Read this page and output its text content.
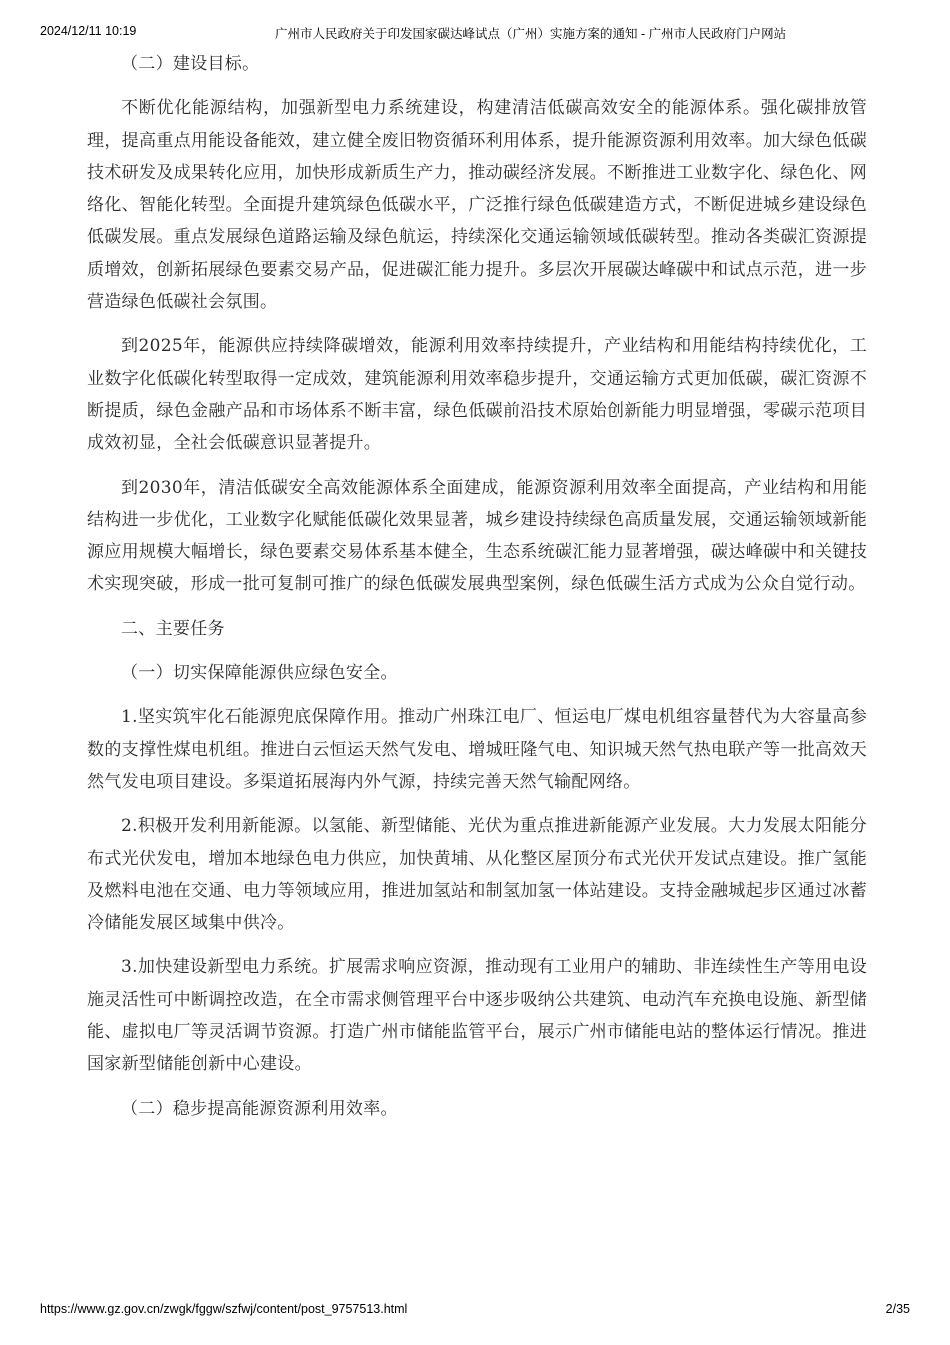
2024/12/11 10:19	广州市人民政府关于印发国家碳达峰试点（广州）实施方案的通知 - 广州市人民政府门户网站

（二）建设目标。

不断优化能源结构，加强新型电力系统建设，构建清洁低碳高效安全的能源体系。强化碳排放管理，提高重点用能设备能效，建立健全废旧物资循环利用体系，提升能源资源利用效率。加大绿色低碳技术研发及成果转化应用，加快形成新质生产力，推动碳经济发展。不断推进工业数字化、绿色化、网络化、智能化转型。全面提升建筑绿色低碳水平，广泛推行绿色低碳建造方式，不断促进城乡建设绿色低碳发展。重点发展绿色道路运输及绿色航运，持续深化交通运输领域低碳转型。推动各类碳汇资源提质增效，创新拓展绿色要素交易产品，促进碳汇能力提升。多层次开展碳达峰碳中和试点示范，进一步营造绿色低碳社会氛围。

到2025年，能源供应持续降碳增效，能源利用效率持续提升，产业结构和用能结构持续优化，工业数字化低碳化转型取得一定成效，建筑能源利用效率稳步提升，交通运输方式更加低碳，碳汇资源不断提质，绿色金融产品和市场体系不断丰富，绿色低碳前沿技术原始创新能力明显增强，零碳示范项目成效初显，全社会低碳意识显著提升。

到2030年，清洁低碳安全高效能源体系全面建成，能源资源利用效率全面提高，产业结构和用能结构进一步优化，工业数字化赋能低碳化效果显著，城乡建设持续绿色高质量发展，交通运输领域新能源应用规模大幅增长，绿色要素交易体系基本健全，生态系统碳汇能力显著增强，碳达峰碳中和关键技术实现突破，形成一批可复制可推广的绿色低碳发展典型案例，绿色低碳生活方式成为公众自觉行动。

二、主要任务

（一）切实保障能源供应绿色安全。

1.坚实筑牢化石能源兜底保障作用。推动广州珠江电厂、恒运电厂煤电机组容量替代为大容量高参数的支撑性煤电机组。推进白云恒运天然气发电、增城旺隆气电、知识城天然气热电联产等一批高效天然气发电项目建设。多渠道拓展海内外气源，持续完善天然气输配网络。

2.积极开发利用新能源。以氢能、新型储能、光伏为重点推进新能源产业发展。大力发展太阳能分布式光伏发电，增加本地绿色电力供应，加快黄埔、从化整区屋顶分布式光伏开发试点建设。推广氢能及燃料电池在交通、电力等领域应用，推进加氢站和制氢加氢一体站建设。支持金融城起步区通过冰蓄冷储能发展区域集中供冷。

3.加快建设新型电力系统。扩展需求响应资源，推动现有工业用户的辅助、非连续性生产等用电设施灵活性可中断调控改造，在全市需求侧管理平台中逐步吸纳公共建筑、电动汽车充换电设施、新型储能、虚拟电厂等灵活调节资源。打造广州市储能监管平台，展示广州市储能电站的整体运行情况。推进国家新型储能创新中心建设。

（二）稳步提高能源资源利用效率。

https://www.gz.gov.cn/zwgk/fggw/szfwj/content/post_9757513.html	2/35
